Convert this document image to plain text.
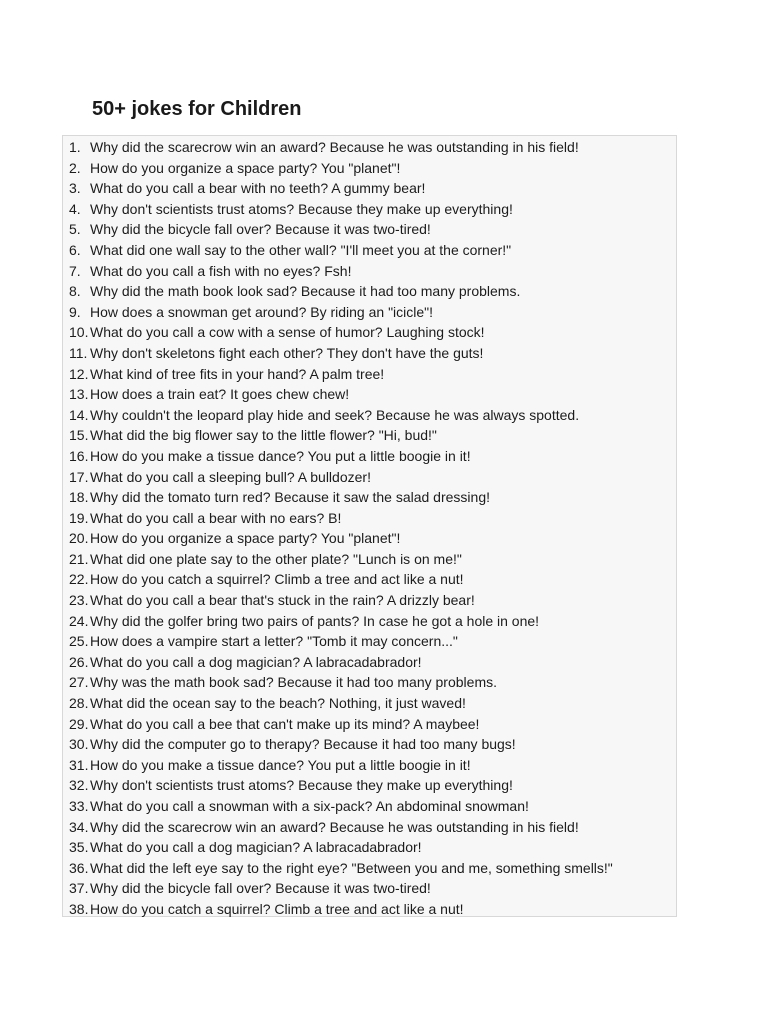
50+ jokes for Children
1. Why did the scarecrow win an award? Because he was outstanding in his field!
2. How do you organize a space party? You "planet"!
3. What do you call a bear with no teeth? A gummy bear!
4. Why don't scientists trust atoms? Because they make up everything!
5. Why did the bicycle fall over? Because it was two-tired!
6. What did one wall say to the other wall? "I'll meet you at the corner!"
7. What do you call a fish with no eyes? Fsh!
8. Why did the math book look sad? Because it had too many problems.
9. How does a snowman get around? By riding an "icicle"!
10. What do you call a cow with a sense of humor? Laughing stock!
11. Why don't skeletons fight each other? They don't have the guts!
12. What kind of tree fits in your hand? A palm tree!
13. How does a train eat? It goes chew chew!
14. Why couldn't the leopard play hide and seek? Because he was always spotted.
15. What did the big flower say to the little flower? "Hi, bud!"
16. How do you make a tissue dance? You put a little boogie in it!
17. What do you call a sleeping bull? A bulldozer!
18. Why did the tomato turn red? Because it saw the salad dressing!
19. What do you call a bear with no ears? B!
20. How do you organize a space party? You "planet"!
21. What did one plate say to the other plate? "Lunch is on me!"
22. How do you catch a squirrel? Climb a tree and act like a nut!
23. What do you call a bear that's stuck in the rain? A drizzly bear!
24. Why did the golfer bring two pairs of pants? In case he got a hole in one!
25. How does a vampire start a letter? "Tomb it may concern..."
26. What do you call a dog magician? A labracadabrador!
27. Why was the math book sad? Because it had too many problems.
28. What did the ocean say to the beach? Nothing, it just waved!
29. What do you call a bee that can't make up its mind? A maybee!
30. Why did the computer go to therapy? Because it had too many bugs!
31. How do you make a tissue dance? You put a little boogie in it!
32. Why don't scientists trust atoms? Because they make up everything!
33. What do you call a snowman with a six-pack? An abdominal snowman!
34. Why did the scarecrow win an award? Because he was outstanding in his field!
35. What do you call a dog magician? A labracadabrador!
36. What did the left eye say to the right eye? "Between you and me, something smells!"
37. Why did the bicycle fall over? Because it was two-tired!
38. How do you catch a squirrel? Climb a tree and act like a nut!
